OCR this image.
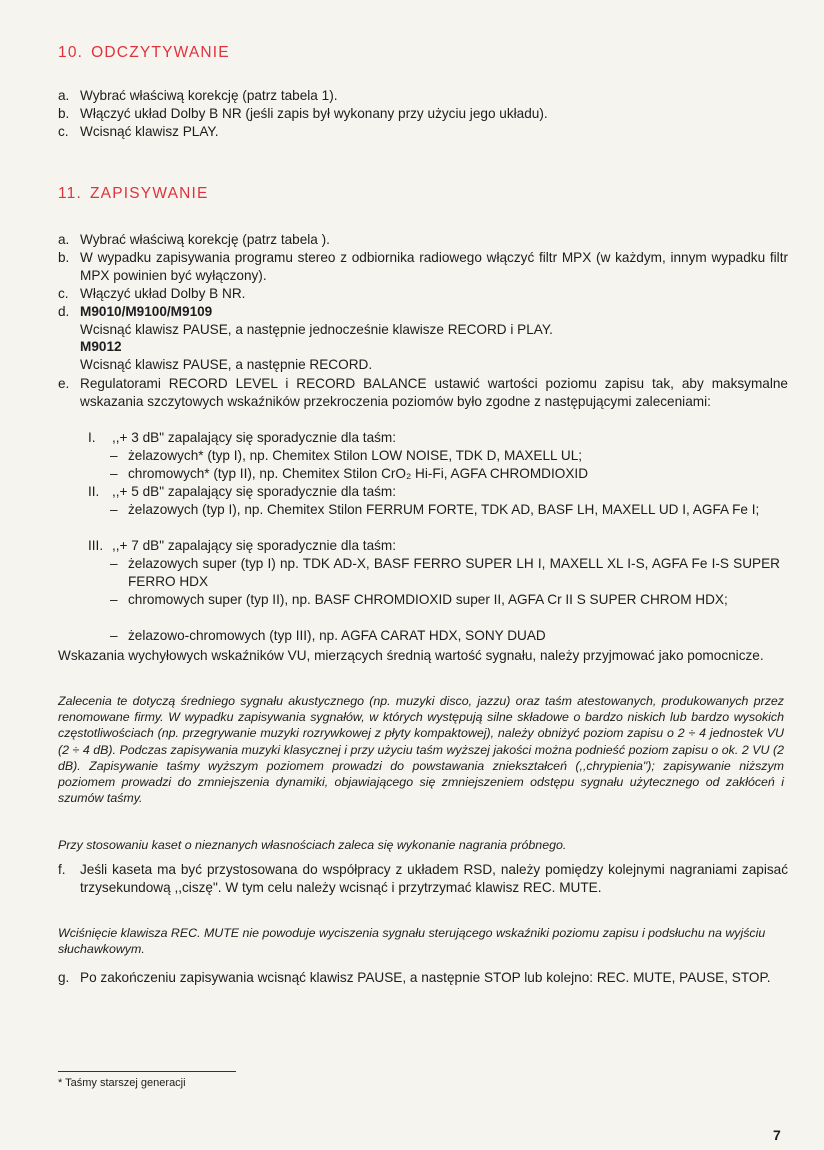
10. ODCZYTYWANIE
a. Wybrać właściwą korekcję (patrz tabela 1).
b. Włączyć układ Dolby B NR (jeśli zapis był wykonany przy użyciu jego układu).
c. Wcisnąć klawisz PLAY.
11. ZAPISYWANIE
a. Wybrać właściwą korekcję (patrz tabela ).
b. W wypadku zapisywania programu stereo z odbiornika radiowego włączyć filtr MPX (w każdym, innym wypadku filtr MPX powinien być wyłączony).
c. Włączyć układ Dolby B NR.
d. M9010/M9100/M9109
Wcisnąć klawisz PAUSE, a następnie jednocześnie klawisze RECORD i PLAY.
M9012
Wcisnąć klawisz PAUSE, a następnie RECORD.
e. Regulatorami RECORD LEVEL i RECORD BALANCE ustawić wartości poziomu zapisu tak, aby maksymalne wskazania szczytowych wskaźników przekroczenia poziomów było zgodne z następującymi zaleceniami:
I. ,,+ 3 dB" zapalający się sporadycznie dla taśm:
– żelazowych* (typ I), np. Chemitex Stilon LOW NOISE, TDK D, MAXELL UL;
– chromowych* (typ II), np. Chemitex Stilon CrO₂ Hi-Fi, AGFA CHROMDIOXID
II. ,,+ 5 dB" zapalający się sporadycznie dla taśm:
– żelazowych (typ I), np. Chemitex Stilon FERRUM FORTE, TDK AD, BASF LH, MAXELL UD I, AGFA Fe I;
III. ,,+ 7 dB" zapalający się sporadycznie dla taśm:
– żelazowych super (typ I) np. TDK AD-X, BASF FERRO SUPER LH I, MAXELL XL I-S, AGFA Fe I-S SUPER FERRO HDX
– chromowych super (typ II), np. BASF CHROMDIOXID super II, AGFA Cr II S SUPER CHROM HDX;
– żelazowo-chromowych (typ III), np. AGFA CARAT HDX, SONY DUAD
Wskazania wychyłowych wskaźników VU, mierzących średnią wartość sygnału, należy przyjmować jako pomocnicze.
Zalecenia te dotyczą średniego sygnału akustycznego (np. muzyki disco, jazzu) oraz taśm atestowanych, produkowanych przez renomowane firmy. W wypadku zapisywania sygnałów, w których występują silne składowe o bardzo niskich lub bardzo wysokich częstotliwościach (np. przegrywanie muzyki rozrywkowej z płyty kompaktowej), należy obniżyć poziom zapisu o 2 ÷ 4 jednostek VU (2 ÷ 4 dB). Podczas zapisywania muzyki klasycznej i przy użyciu taśm wyższej jakości można podnieść poziom zapisu o ok. 2 VU (2 dB). Zapisywanie taśmy wyższym poziomem prowadzi do powstawania zniekształceń (,,chrypienia"); zapisywanie niższym poziomem prowadzi do zmniejszenia dynamiki, objawiającego się zmniejszeniem odstępu sygnału użytecznego od zakłóceń i szumów taśmy.
Przy stosowaniu kaset o nieznanych własnościach zaleca się wykonanie nagrania próbnego.
f.	Jeśli kaseta ma być przystosowana do współpracy z układem RSD, należy pomiędzy kolejnymi nagraniami zapisać trzysekundową ,,ciszę". W tym celu należy wcisnąć i przytrzymać klawisz REC. MUTE.
Wciśnięcie klawisza REC. MUTE nie powoduje wyciszenia sygnału sterującego wskaźniki poziomu zapisu i podsłuchu na wyjściu słuchawkowym.
g. Po zakończeniu zapisywania wcisnąć klawisz PAUSE, a następnie STOP lub kolejno: REC. MUTE, PAUSE, STOP.
* Taśmy starszej generacji
7
